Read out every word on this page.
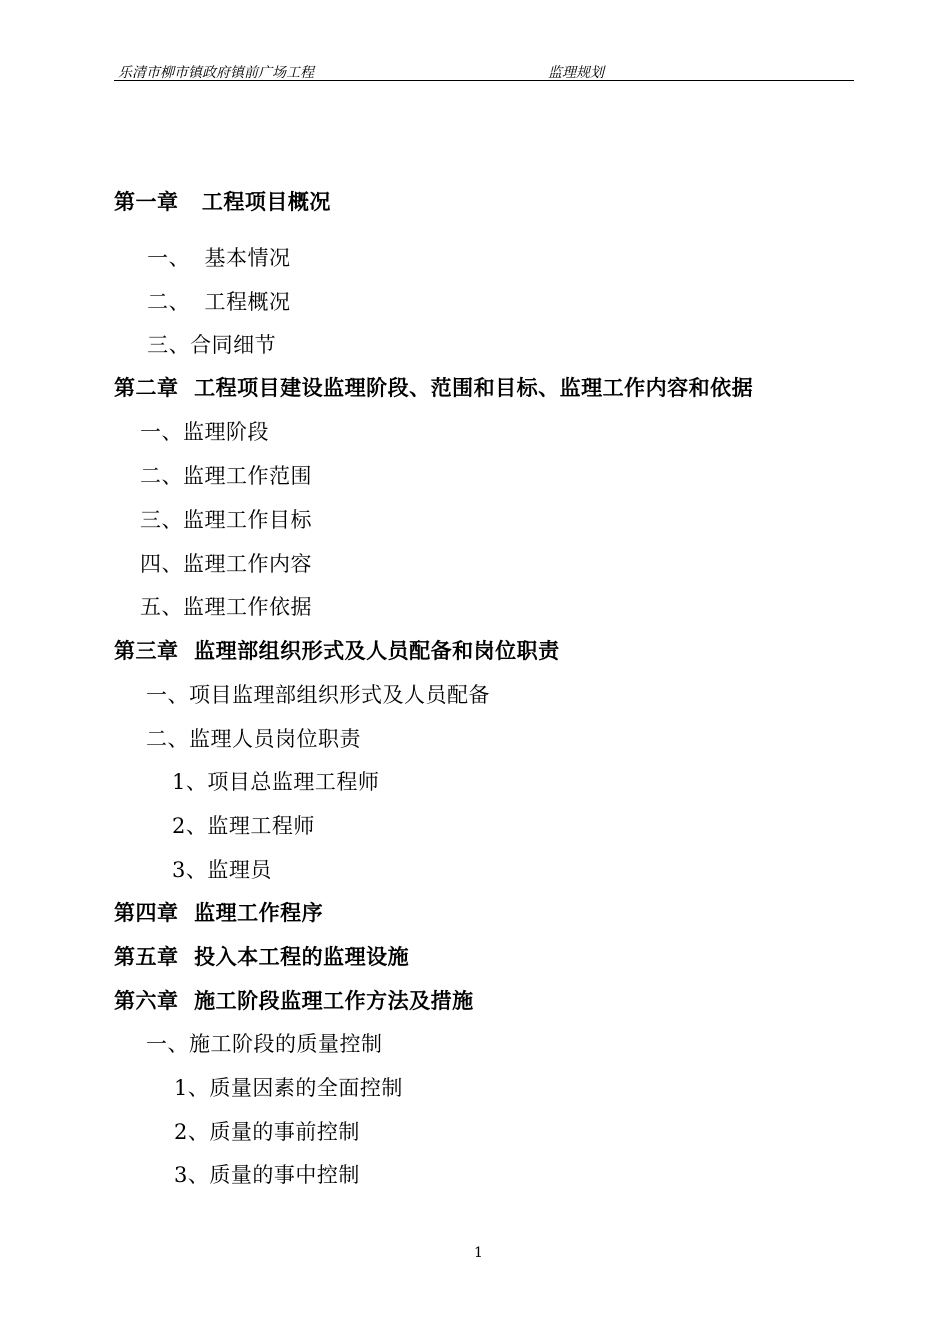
乐清市柳市镇政府镇前广场工程	监理规划
第一章   工程项目概况
一、  基本情况
二、  工程概况
三、合同细节
第二章  工程项目建设监理阶段、范围和目标、监理工作内容和依据
一、监理阶段
二、监理工作范围
三、监理工作目标
四、监理工作内容
五、监理工作依据
第三章  监理部组织形式及人员配备和岗位职责
一、项目监理部组织形式及人员配备
二、监理人员岗位职责
1、项目总监理工程师
2、监理工程师
3、监理员
第四章  监理工作程序
第五章  投入本工程的监理设施
第六章  施工阶段监理工作方法及措施
一、施工阶段的质量控制
1、质量因素的全面控制
2、质量的事前控制
3、质量的事中控制
1
